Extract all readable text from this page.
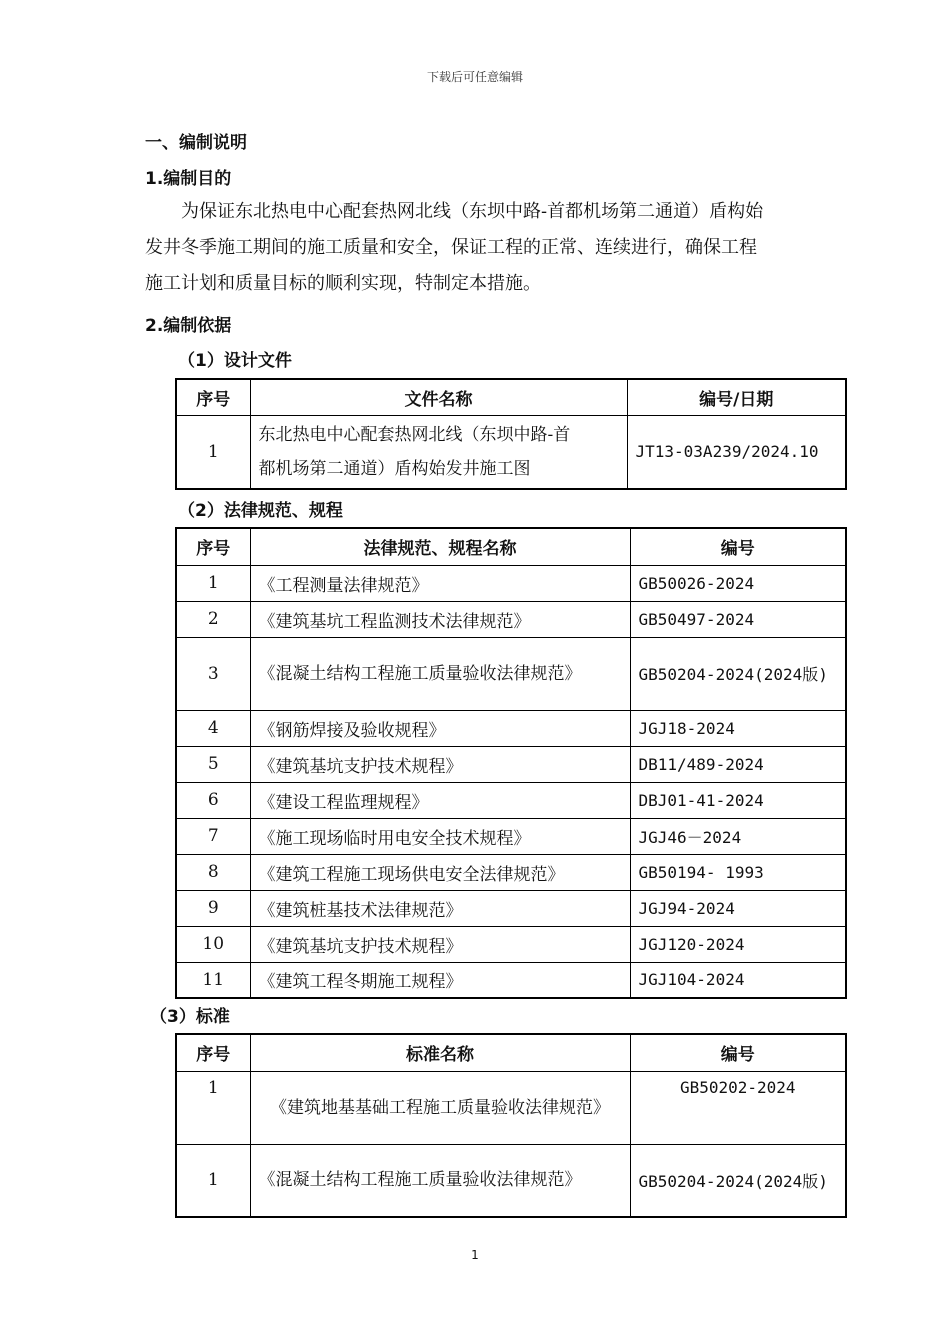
下载后可任意编辑
一、编制说明
1.编制目的
为保证东北热电中心配套热网北线（东坝中路-首都机场第二通道）盾构始
发井冬季施工期间的施工质量和安全，保证工程的正常、连续进行，确保工程
施工计划和质量目标的顺利实现，特制定本措施。
2.编制依据
（1）设计文件
序号	文件名称	编号/日期
1	东北热电中心配套热网北线（东坝中路-首
都机场第二通道）盾构始发井施工图	JT13-03A239/2024.10
（2）法律规范、规程
序号	法律规范、规程名称	编号
1	《工程测量法律规范》	GB50026-2024
2	《建筑基坑工程监测技术法律规范》	GB50497-2024
3	《混凝土结构工程施工质量验收法律规范》	GB50204-2024(2024版)
4	《钢筋焊接及验收规程》	JGJ18-2024
5	《建筑基坑支护技术规程》	DB11/489-2024
6	《建设工程监理规程》	DBJ01-41-2024
7	《施工现场临时用电安全技术规程》	JGJ46－2024
8	《建筑工程施工现场供电安全法律规范》	GB50194- 1993
9	《建筑桩基技术法律规范》	JGJ94-2024
10	《建筑基坑支护技术规程》	JGJ120-2024
11	《建筑工程冬期施工规程》	JGJ104-2024
（3）标准
序号	标准名称	编号
1	《建筑地基基础工程施工质量验收法律规范》	GB50202-2024
1	《混凝土结构工程施工质量验收法律规范》	GB50204-2024(2024版)
1
